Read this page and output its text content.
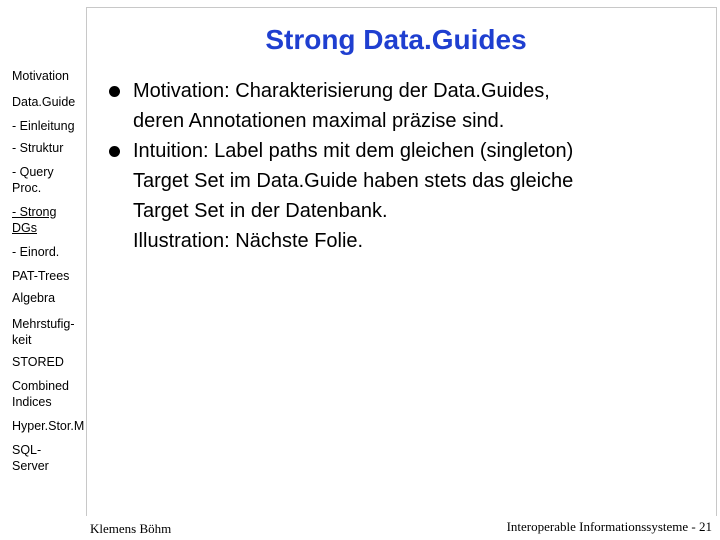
Strong Data.Guides
Motivation
Data.Guide
- Einleitung
- Struktur
- Query
Proc.
- Strong
DGs
- Einord.
PAT-Trees
Algebra
Mehrstufig-
keit
STORED
Combined
Indices
Hyper.Stor.M
SQL-
Server
Motivation: Charakterisierung der Data.Guides,
deren Annotationen maximal präzise sind.
Intuition: Label paths mit dem gleichen (singleton)
Target Set im Data.Guide haben stets das gleiche
Target Set in der Datenbank.
Illustration: Nächste Folie.
Klemens Böhm	Interoperable Informationssysteme - 21
